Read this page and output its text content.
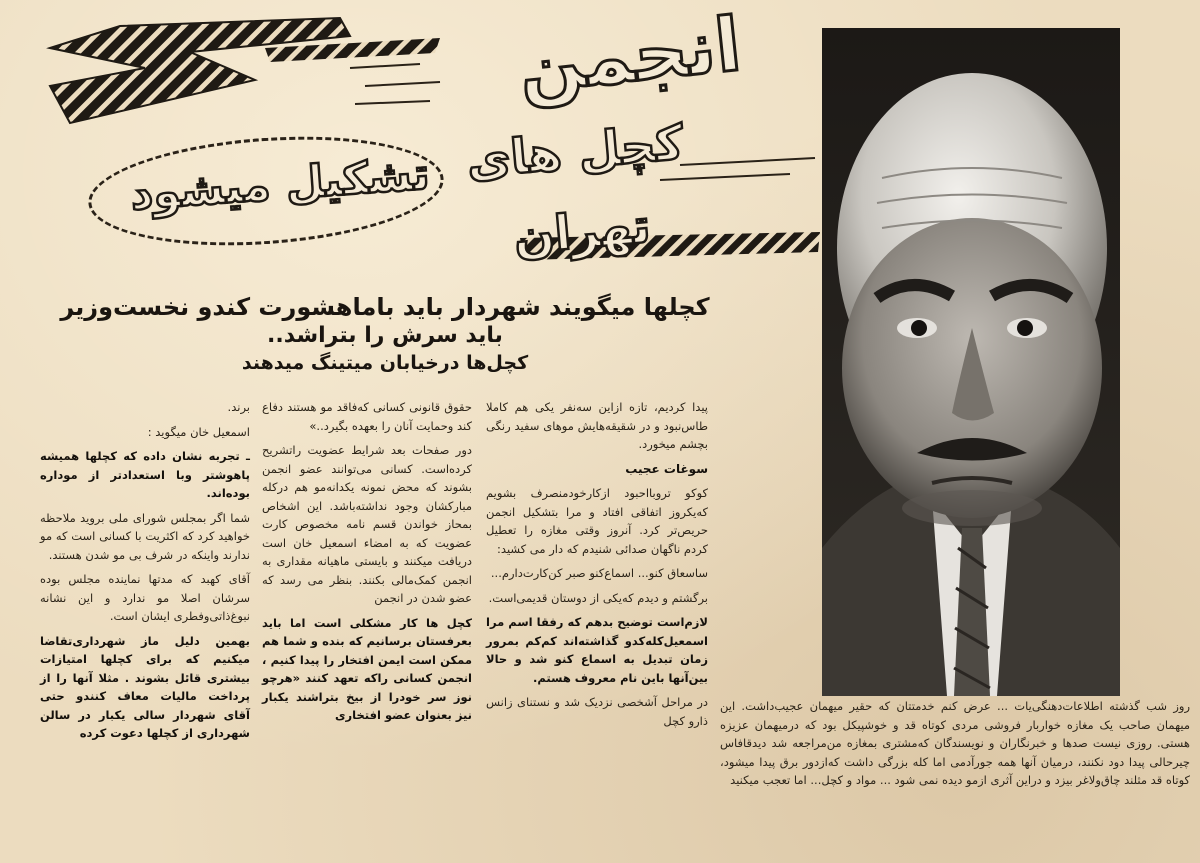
انجمن
کچل های تهران
تشکیل میشود
کچلها میگویند شهردار باید باماهشورت کندو نخست‌وزیر
باید سرش را بتراشد..
کچل‌ها درخیابان میتینگ میدهند

پیدا کردیم، تازه ازاین سه‌نفر یکی هم کاملا طاس‌نبود و در شقیقه‌هایش موهای سفید رنگی بچشم میخورد.

سوغات عجیب

کوکو تروبااحبود ازکار‌خود‌منصرف بشویم که‌یکروز اتفاقی افتاد و مرا بتشکیل انجمن حریص‌تر کرد. آنروز وقتی مغازه را تعطیل کردم ناگهان صدائی شنیدم که دار می کشید:

ساسعاق کنو... اسماع‌کنو صبر کن‌کارت‌دارم...

برگشتم و دیدم که‌یکی از دوستان قدیمی‌است.

لازم‌است توضیح بدهم که رفقا اسم مرا اسمعیل‌کله‌کدو گذاشته‌اند کم‌کم بمرور زمان تبدیل به اسماع کنو شد و حالا بین‌آنها باین نام معروف هستم.

در مراحل آشخصی نزدیک شد و نستنای زانس ذارو کچل

حقوق قانونی کسانی که‌فاقد مو هستند دفاع کند وحمایت آنان را بعهده بگیرد..»

دور صفحات بعد شرایط عضویت راتشریح کرده‌است. کسانی می‌توانند عضو انجمن بشوند که محض نمونه یکدانه‌مو هم درکله مبارکشان وجود نداشته‌باشد. این اشخاص بمحاز خواندن قسم نامه مخصوص کارت عضویت که به امضاء اسمعیل خان است دریافت میکنند و بایستی ماهیانه مقداری به انجمن کمک‌مالی بکنند. بنظر می رسد که عضو شدن در انجمن

کچل ها کار مشکلی است اما باید بعرفستان برسانیم که بنده و شما هم ممکن است ایمن افتخار را پیدا کنیم ، انجمن کسانی راکه تعهد کنند «هرچو نوز سر خودرا از بیخ بتراشند یکبار نیز بعنوان عضو افتخاری

برند.

اسمعیل خان میگوید :

ـ تجربه نشان داده که کچلها همیشه پاهوشتر وبا استعدادتر از موداره بوده‌اند.

شما اگر بمجلس شورای ملی بروید ملاحظه خواهید کرد که اکثریت با کسانی است که مو ندارند واینکه در شرف بی مو شدن هستند.

آقای کهبد که مدتها نماینده مجلس بوده سرشان اصلا مو ندارد و این نشانه نبوغ‌ذاتی‌وفطری ایشان است.

بهمین دلیل ماز شهرداری‌تقاضا میکنیم که برای کچلها امتیازات بیشتری قائل بشوند . مثلا آنها را از پرداخت مالیات معاف کنندو حتی آقای شهردار سالی یکبار در سالن شهرداری از کچلها دعوت کرده

روز شب گذشته اطلاعات‌دهنگی‌یات ... عرض کنم خدمتتان که حقیر میهمان عجیب‌داشت. این میهمان صاحب یک مغازه خواربار فروشی مردی کوتاه قد و خوشپیکل بود که درمیهمان عزیزه هستی. روزی نیست صدها و خبرنگاران و نویسندگان که‌مشتری بمغازه من‌مراجعه شد دیدقافاس چیرحالی پیدا دود نکنند، درمیان آنها همه جورآدمی اما کله بزرگی داشت که‌ازدور برق پیدا میشود، کوتاه قد مثلند چاق‌ولاغر بیزد و دراین آثری ازمو دیده نمی شود ... مواد و کچل... اما تعجب میکنید
